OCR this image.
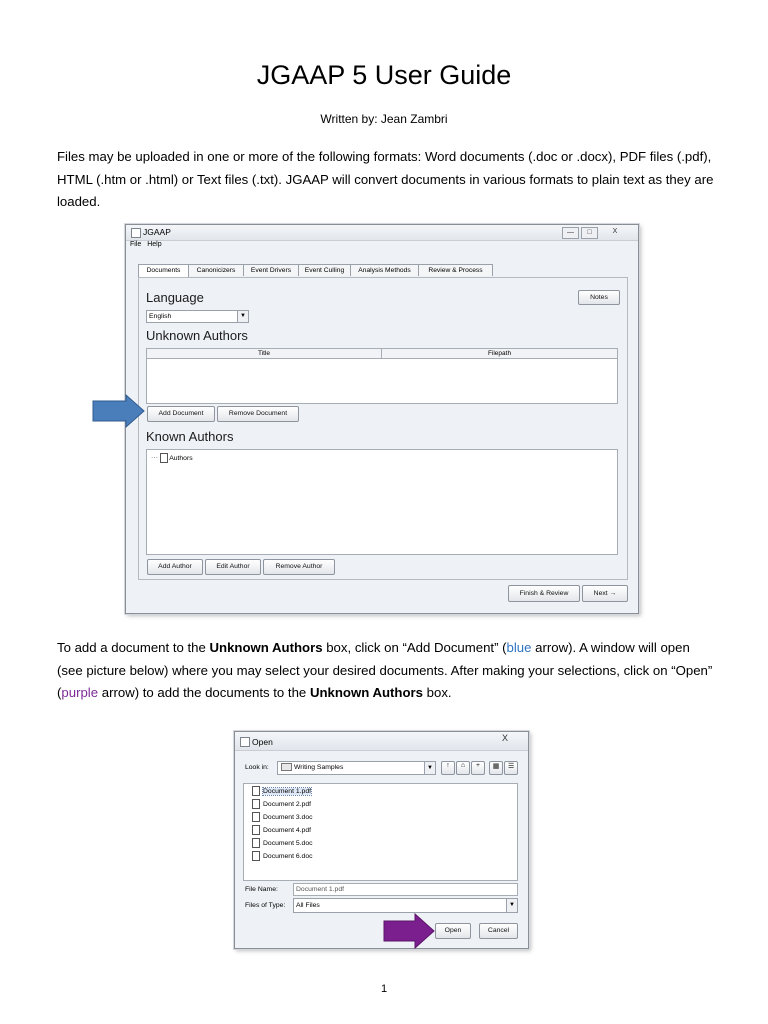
JGAAP 5 User Guide
Written by: Jean Zambri
Files may be uploaded in one or more of the following formats: Word documents (.doc or .docx), PDF files (.pdf), HTML (.htm or .html) or Text files (.txt). JGAAP will convert documents in various formats to plain text as they are loaded.
JGAAP	—	□	X
File Help
Documents	Canonicizers	Event Drivers	Event Culling	Analysis Methods	Review & Process
Language	Notes
English	▼
Unknown Authors
Title	Filepath
Add Document	Remove Document
Known Authors
⋯ Authors
Add Author	Edit Author	Remove Author
Finish & Review	Next →
To add a document to the Unknown Authors box, click on “Add Document” (blue arrow). A window will open (see picture below) where you may select your desired documents. After making your selections, click on “Open” (purple arrow) to add the documents to the Unknown Authors box.
Open	X
Look in:	Writing Samples	▼	↑	⌂	+	▦	☰
Document 1.pdf
Document 2.pdf
Document 3.doc
Document 4.pdf
Document 5.doc
Document 6.doc
File Name:	Document 1.pdf
Files of Type:	All Files	▼
Open	Cancel
1
